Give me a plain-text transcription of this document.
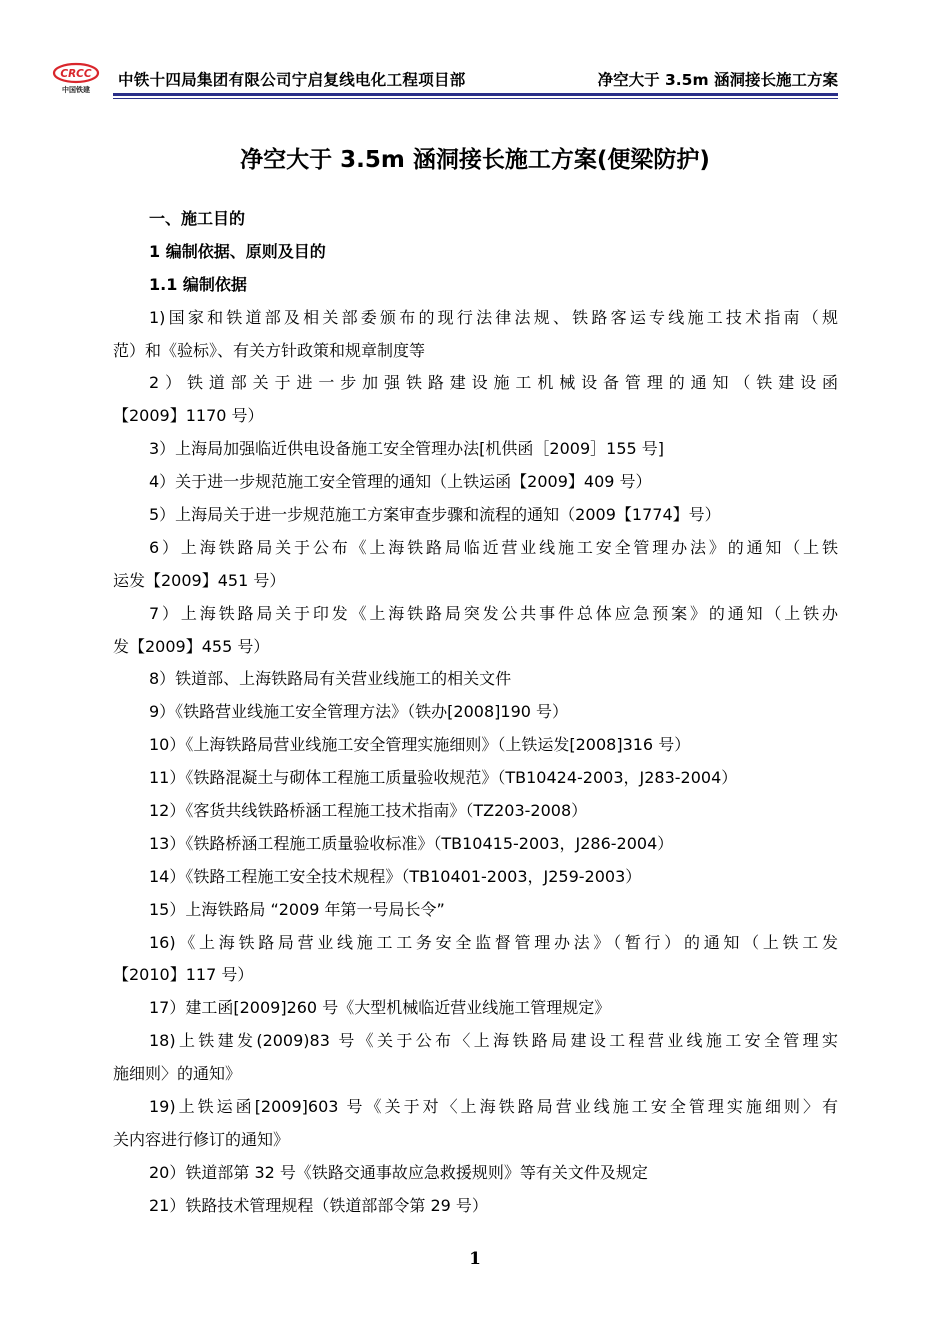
CRCC
中国铁建
中铁十四局集团有限公司宁启复线电化工程项目部	净空大于 3.5m 涵洞接长施工方案
净空大于 3.5m 涵洞接长施工方案(便梁防护)
一、施工目的
1 编制依据、原则及目的
1.1 编制依据
1)国家和铁道部及相关部委颁布的现行法律法规、铁路客运专线施工技术指南（规
范）和《验标》、有关方针政策和规章制度等
2）铁道部关于进一步加强铁路建设施工机械设备管理的通知（铁建设函
【2009】1170 号）
3）上海局加强临近供电设备施工安全管理办法[机供函［2009］155 号]
4）关于进一步规范施工安全管理的通知（上铁运函【2009】409 号）
5）上海局关于进一步规范施工方案审查步骤和流程的通知（2009【1774】号）
6）上海铁路局关于公布《上海铁路局临近营业线施工安全管理办法》的通知（上铁
运发【2009】451 号）
7）上海铁路局关于印发《上海铁路局突发公共事件总体应急预案》的通知（上铁办
发【2009】455 号）
8）铁道部、上海铁路局有关营业线施工的相关文件
9）《铁路营业线施工安全管理方法》（铁办[2008]190 号）
10）《上海铁路局营业线施工安全管理实施细则》（上铁运发[2008]316 号）
11）《铁路混凝土与砌体工程施工质量验收规范》（TB10424-2003，J283-2004）
12）《客货共线铁路桥涵工程施工技术指南》（TZ203-2008）
13）《铁路桥涵工程施工质量验收标准》（TB10415-2003，J286-2004）
14）《铁路工程施工安全技术规程》（TB10401-2003，J259-2003）
15）上海铁路局 “2009 年第一号局长令”
16)《上海铁路局营业线施工工务安全监督管理办法》（暂行）的通知（上铁工发
【2010】117 号）
17）建工函[2009]260 号《大型机械临近营业线施工管理规定》
18)上铁建发(2009)83 号《关于公布〈上海铁路局建设工程营业线施工安全管理实
施细则〉的通知》
19)上铁运函[2009]603 号《关于对〈上海铁路局营业线施工安全管理实施细则〉有
关内容进行修订的通知》
20）铁道部第 32 号《铁路交通事故应急救援规则》等有关文件及规定
21）铁路技术管理规程（铁道部部令第 29 号）
1
